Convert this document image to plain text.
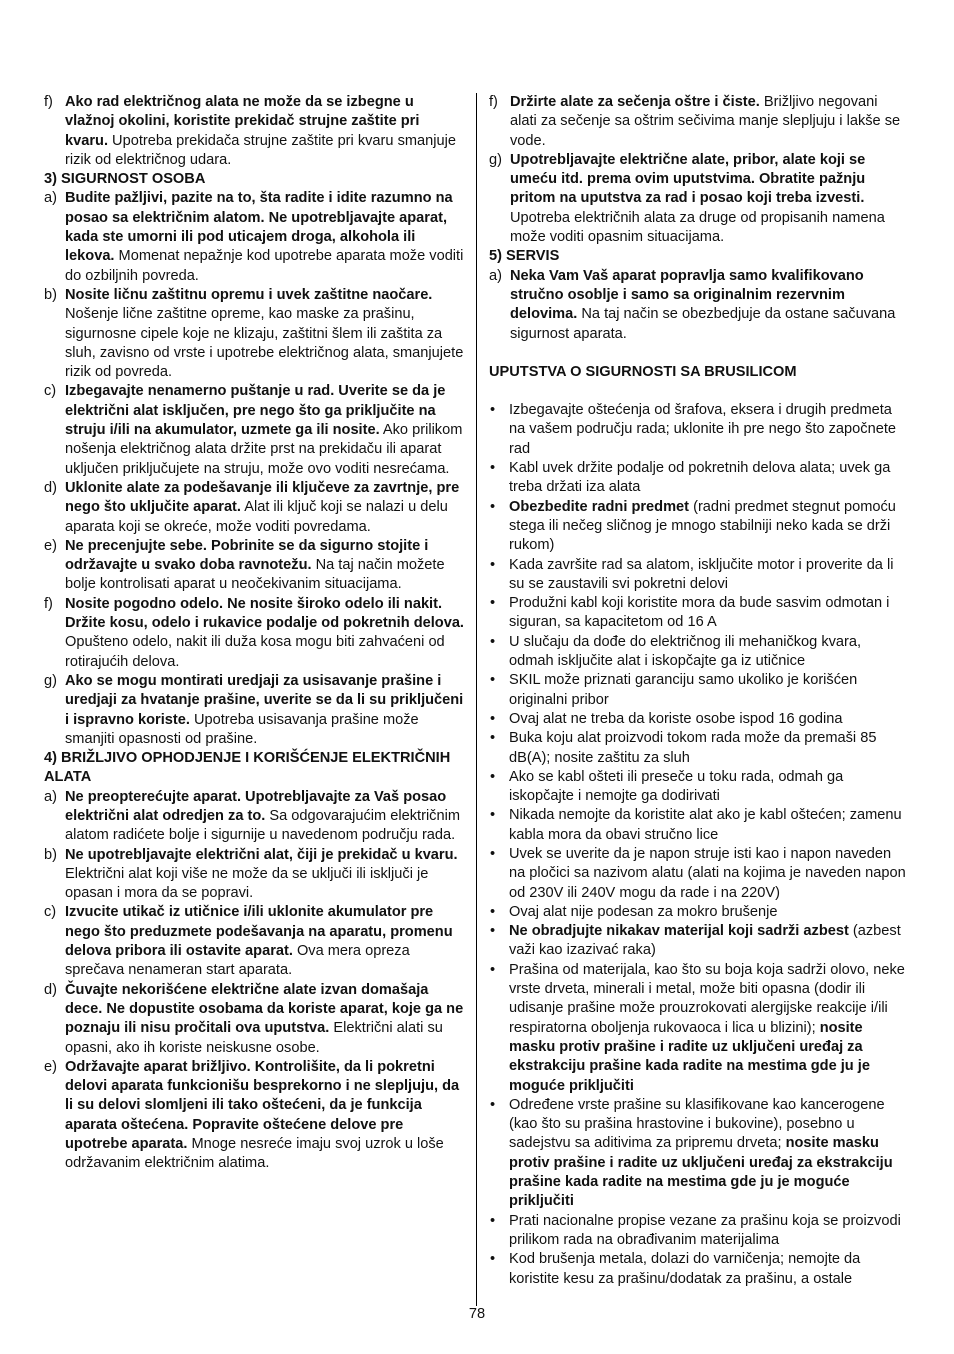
f) Ako rad električnog alata ne može da se izbegne u vlažnoj okolini, koristite prekidač strujne zaštite pri kvaru. Upotreba prekidača strujne zaštite pri kvaru smanjuje rizik od električnog udara.

3) SIGURNOST OSOBA

a) Budite pažljivi, pazite na to, šta radite i idite razumno na posao sa električnim alatom. Ne upotrebljavajte aparat, kada ste umorni ili pod uticajem droga, alkohola ili lekova. Momenat nepažnje kod upotrebe aparata može voditi do ozbiljnih povreda.

b) Nosite ličnu zaštitnu opremu i uvek zaštitne naočare. Nošenje lične zaštitne opreme, kao maske za prašinu, sigurnosne cipele koje ne klizaju, zaštitni šlem ili zaštita za sluh, zavisno od vrste i upotrebe električnog alata, smanjujete rizik od povreda.

c) Izbegavajte nenamerno puštanje u rad. Uverite se da je električni alat isključen, pre nego što ga priključite na struju i/ili na akumulator, uzmete ga ili nosite. Ako prilikom nošenja električnog alata držite prst na prekidaču ili aparat uključen priključujete na struju, može ovo voditi nesrećama.

d) Uklonite alate za podešavanje ili ključeve za zavrtnje, pre nego što uključite aparat. Alat ili ključ koji se nalazi u delu aparata koji se okreće, može voditi povredama.

e) Ne precenjujte sebe. Pobrinite se da sigurno stojite i održavajte u svako doba ravnotežu. Na taj način možete bolje kontrolisati aparat u neočekivanim situacijama.

f) Nosite pogodno odelo. Ne nosite široko odelo ili nakit. Držite kosu, odelo i rukavice podalje od pokretnih delova. Opušteno odelo, nakit ili duža kosa mogu biti zahvaćeni od rotirajućih delova.

g) Ako se mogu montirati uredjaji za usisavanje prašine i uredjaji za hvatanje prašine, uverite se da li su priključeni i ispravno koriste. Upotreba usisavanja prašine može smanjiti opasnosti od prašine.

4) BRIŽLJIVO OPHODJENJE I KORIŠĆENJE ELEKTRIČNIH ALATA

a) Ne preopterećujte aparat. Upotrebljavajte za Vaš posao električni alat odredjen za to. Sa odgovarajućim električnim alatom radićete bolje i sigurnije u navedenom području rada.

b) Ne upotrebljavajte električni alat, čiji je prekidač u kvaru. Električni alat koji više ne može da se uključi ili isključi je opasan i mora da se popravi.

c) Izvucite utikač iz utičnice i/ili uklonite akumulator pre nego što preduzmete podešavanja na aparatu, promenu delova pribora ili ostavite aparat. Ova mera opreza sprečava nenameran start aparata.

d) Čuvajte nekorišćene električne alate izvan domašaja dece. Ne dopustite osobama da koriste aparat, koje ga ne poznaju ili nisu pročitali ova uputstva. Električni alati su opasni, ako ih koriste neiskusne osobe.

e) Održavajte aparat brižljivo. Kontrolišite, da li pokretni delovi aparata funkcionišu besprekorno i ne slepljuju, da li su delovi slomljeni ili tako oštećeni, da je funkcija aparata oštećena. Popravite oštećene delove pre upotrebe aparata. Mnoge nesreće imaju svoj uzrok u loše održavanim električnim alatima.

f) Držirte alate za sečenja oštre i čiste. Brižljivo negovani alati za sečenje sa oštrim sečivima manje slepljuju i lakše se vode.

g) Upotrebljavajte električne alate, pribor, alate koji se umeću itd. prema ovim uputstvima. Obratite pažnju pritom na uputstva za rad i posao koji treba izvesti. Upotreba električnih alata za druge od propisanih namena može voditi opasnim situacijama.

5) SERVIS

a) Neka Vam Vaš aparat popravlja samo kvalifikovano stručno osoblje i samo sa originalnim rezervnim delovima. Na taj način se obezbedjuje da ostane sačuvana sigurnost aparata.

UPUTSTVA O SIGURNOSTI SA BRUSILICOM

• Izbegavajte oštećenja od šrafova, eksera i drugih predmeta na vašem području rada; uklonite ih pre nego što započnete rad

• Kabl uvek držite podalje od pokretnih delova alata; uvek ga treba držati iza alata

• Obezbedite radni predmet (radni predmet stegnut pomoću stega ili nečeg sličnog je mnogo stabilniji neko kada se drži rukom)

• Kada završite rad sa alatom, isključite motor i proverite da li su se zaustavili svi pokretni delovi

• Produžni kabl koji koristite mora da bude sasvim odmotan i siguran, sa kapacitetom od 16 A

• U slučaju da dođe do električnog ili mehaničkog kvara, odmah isključite alat i iskopčajte ga iz utičnice

• SKIL može priznati garanciju samo ukoliko je korišćen originalni pribor

• Ovaj alat ne treba da koriste osobe ispod 16 godina

• Buka koju alat proizvodi tokom rada može da premaši 85 dB(A); nosite zaštitu za sluh

• Ako se kabl ošteti ili preseče u toku rada, odmah ga iskopčajte i nemojte ga dodirivati

• Nikada nemojte da koristite alat ako je kabl oštećen; zamenu kabla mora da obavi stručno lice

• Uvek se uverite da je napon struje isti kao i napon naveden na pločici sa nazivom alatu (alati na kojima je naveden napon od 230V ili 240V mogu da rade i na 220V)

• Ovaj alat nije podesan za mokro brušenje

• Ne obradjujte nikakav materijal koji sadrži azbest (azbest važi kao izazivać raka)

• Prašina od materijala, kao što su boja koja sadrži olovo, neke vrste drveta, minerali i metal, može biti opasna (dodir ili udisanje prašine može prouzrokovati alergijske reakcije i/ili respiratorna oboljenja rukovaoca i lica u blizini); nosite masku protiv prašine i radite uz uključeni uređaj za ekstrakciju prašine kada radite na mestima gde ju je moguće priključiti

• Određene vrste prašine su klasifikovane kao kancerogene (kao što su prašina hrastovine i bukovine), posebno u sadejstvu sa aditivima za pripremu drveta; nosite masku protiv prašine i radite uz uključeni uređaj za ekstrakciju prašine kada radite na mestima gde ju je moguće priključiti

• Prati nacionalne propise vezane za prašinu koja se proizvodi prilikom rada na obrađivanim materijalima

• Kod brušenja metala, dolazi do varničenja; nemojte da koristite kesu za prašinu/dodatak za prašinu, a ostale

78
